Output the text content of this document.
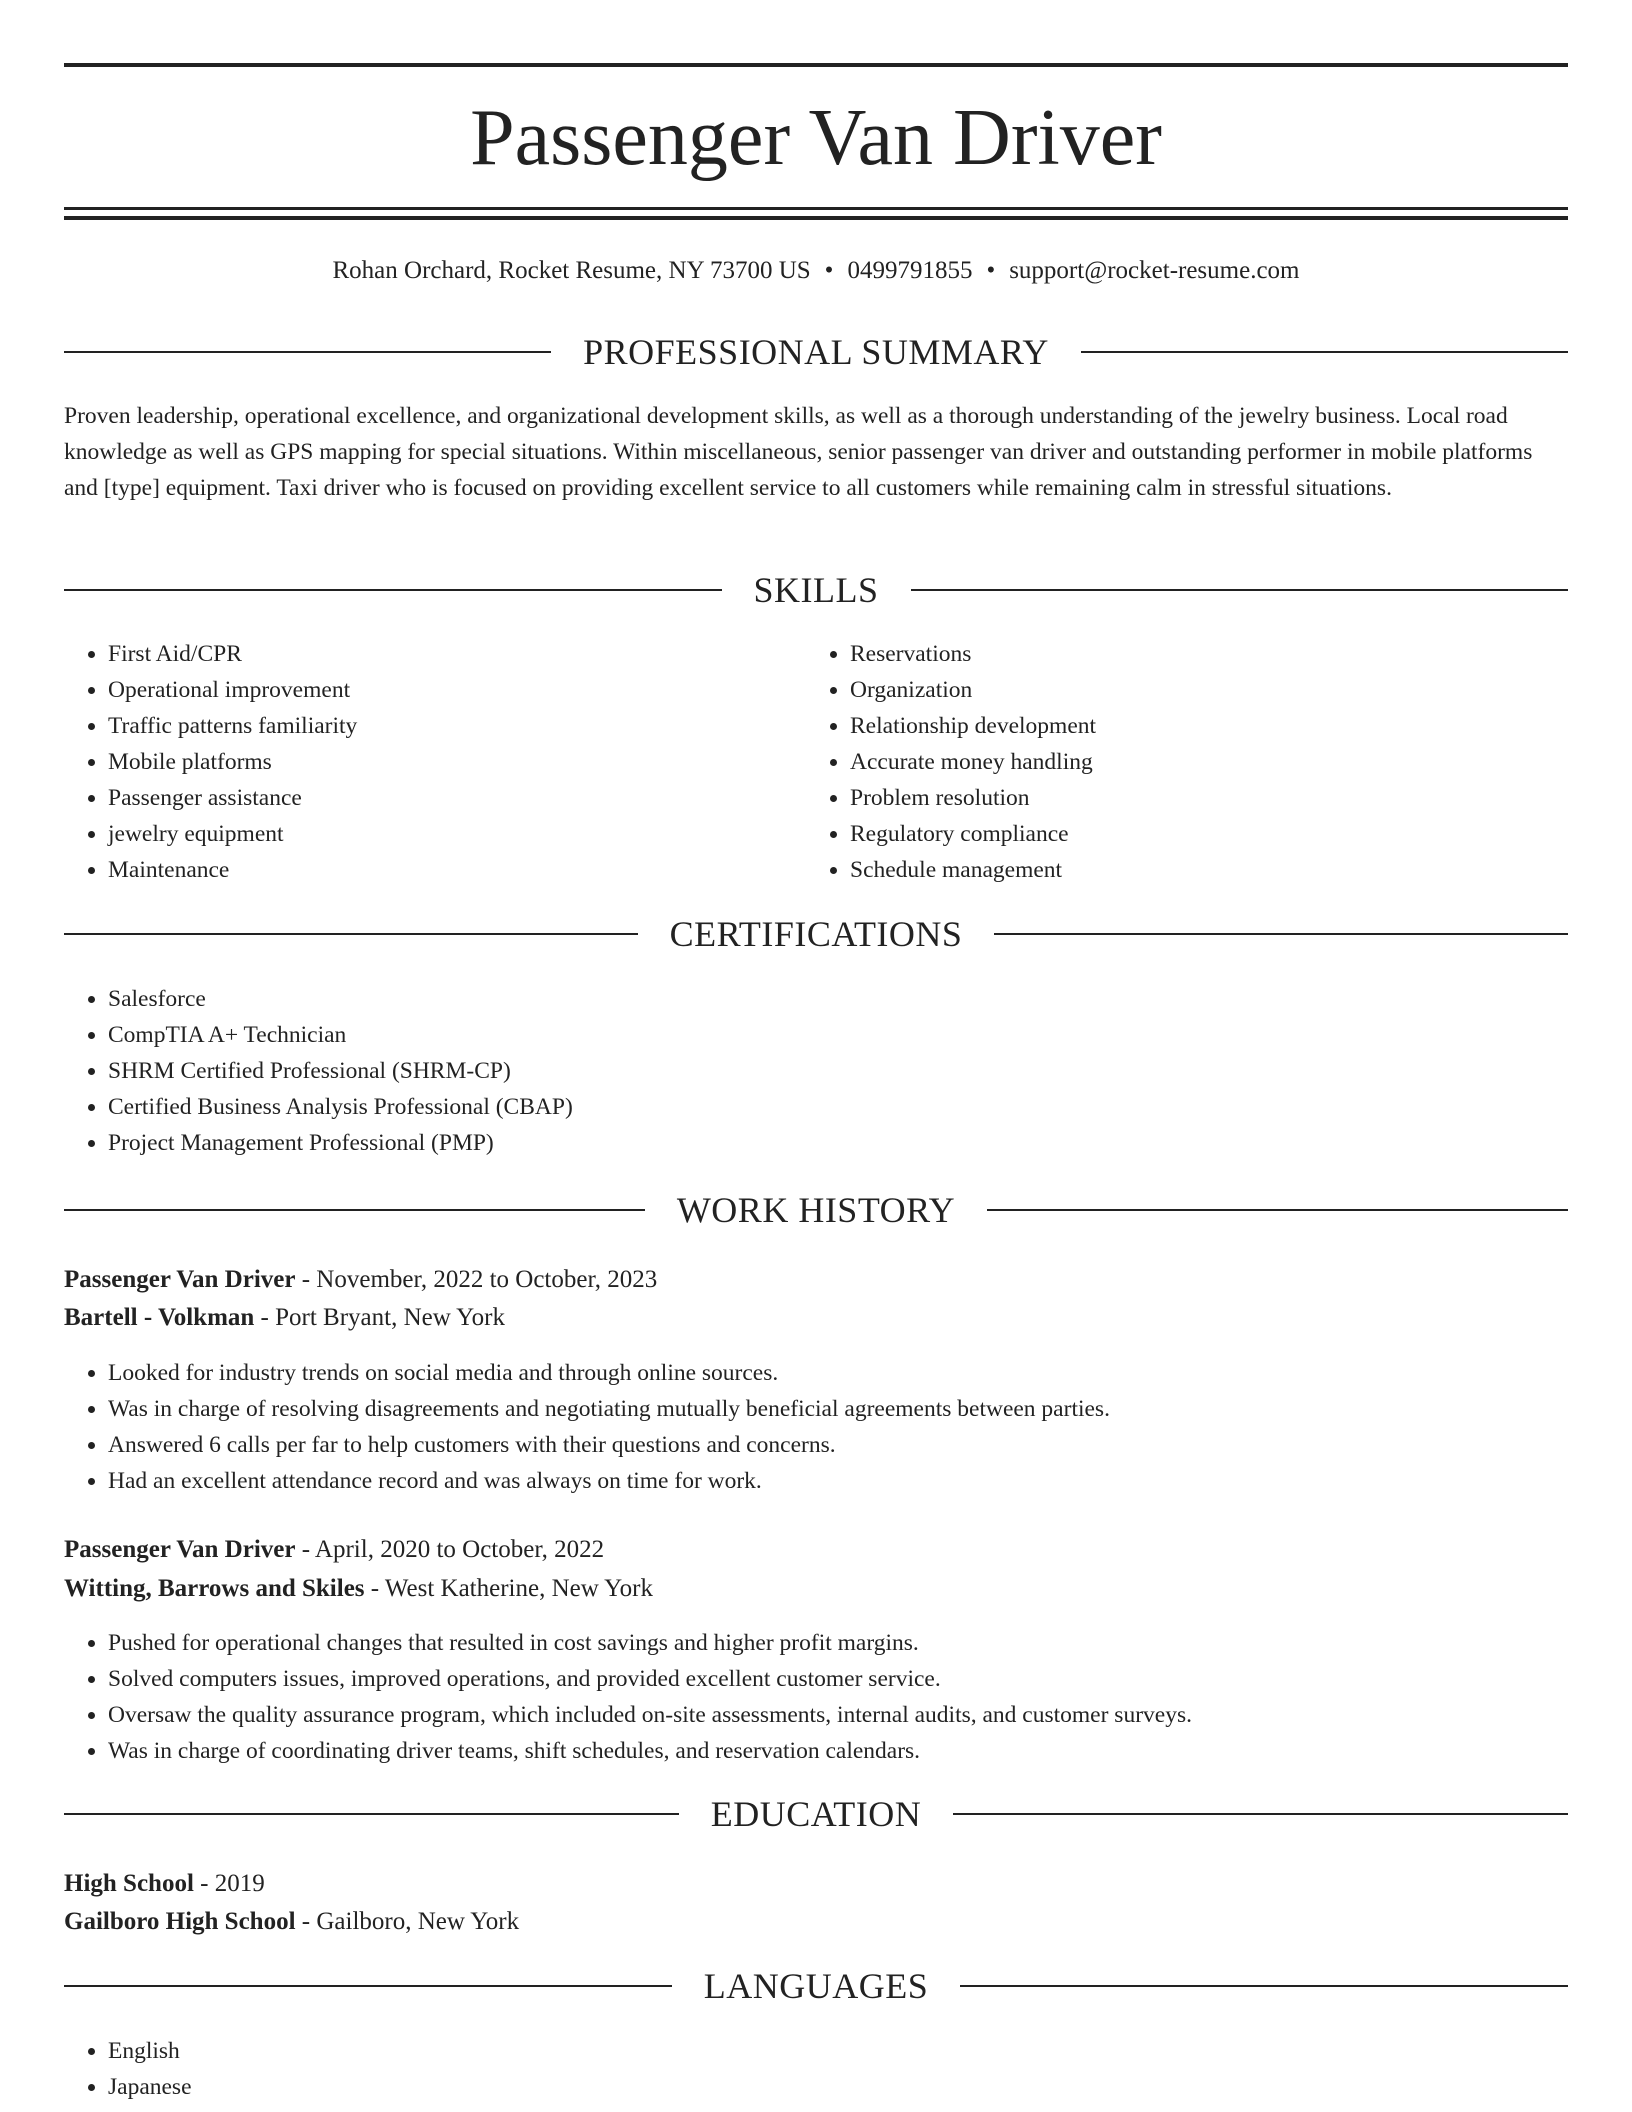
Passenger Van Driver
Rohan Orchard, Rocket Resume, NY 73700 US • 0499791855 • support@rocket-resume.com
PROFESSIONAL SUMMARY

Proven leadership, operational excellence, and organizational development skills, as well as a thorough understanding of the jewelry business. Local road knowledge as well as GPS mapping for special situations. Within miscellaneous, senior passenger van driver and outstanding performer in mobile platforms and [type] equipment. Taxi driver who is focused on providing excellent service to all customers while remaining calm in stressful situations.

SKILLS
• First Aid/CPR
• Operational improvement
• Traffic patterns familiarity
• Mobile platforms
• Passenger assistance
• jewelry equipment
• Maintenance
• Reservations
• Organization
• Relationship development
• Accurate money handling
• Problem resolution
• Regulatory compliance
• Schedule management
CERTIFICATIONS
• Salesforce
• CompTIA A+ Technician
• SHRM Certified Professional (SHRM-CP)
• Certified Business Analysis Professional (CBAP)
• Project Management Professional (PMP)
WORK HISTORY
Passenger Van Driver - November, 2022 to October, 2023
Bartell - Volkman - Port Bryant, New York
• Looked for industry trends on social media and through online sources.
• Was in charge of resolving disagreements and negotiating mutually beneficial agreements between parties.
• Answered 6 calls per far to help customers with their questions and concerns.
• Had an excellent attendance record and was always on time for work.
Passenger Van Driver - April, 2020 to October, 2022
Witting, Barrows and Skiles - West Katherine, New York
• Pushed for operational changes that resulted in cost savings and higher profit margins.
• Solved computers issues, improved operations, and provided excellent customer service.
• Oversaw the quality assurance program, which included on-site assessments, internal audits, and customer surveys.
• Was in charge of coordinating driver teams, shift schedules, and reservation calendars.
EDUCATION
High School - 2019
Gailboro High School - Gailboro, New York
LANGUAGES
• English
• Japanese
